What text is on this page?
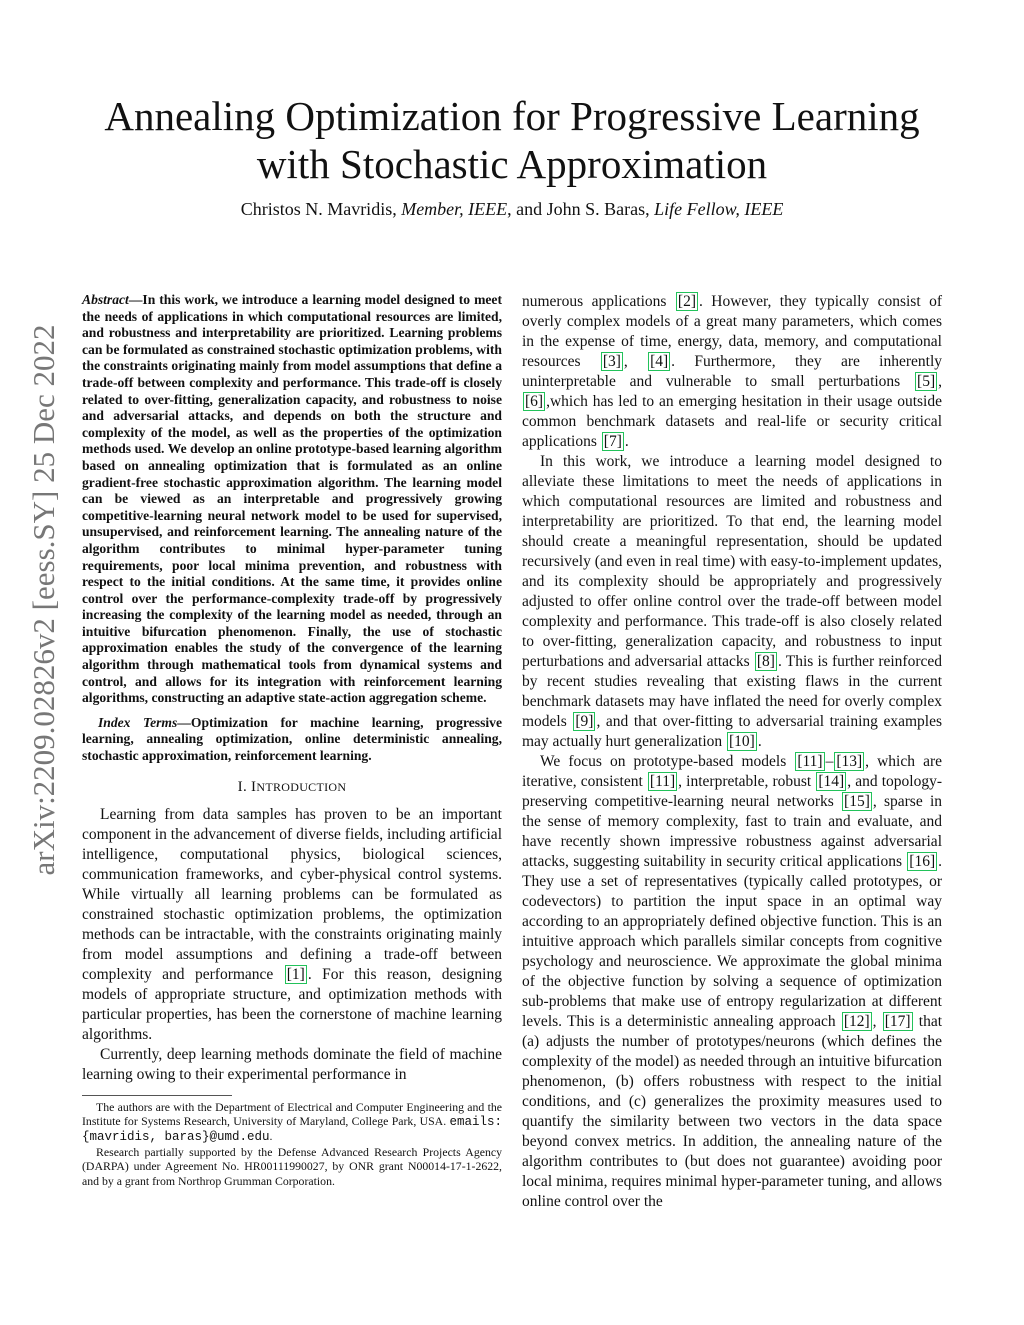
Annealing Optimization for Progressive Learning
with Stochastic Approximation
Christos N. Mavridis, Member, IEEE, and John S. Baras, Life Fellow, IEEE
arXiv:2209.02826v2 [eess.SY] 25 Dec 2022

Abstract—In this work, we introduce a learning model designed to meet the needs of applications in which computational resources are limited, and robustness and interpretability are prioritized. Learning problems can be formulated as constrained stochastic optimization problems, with the constraints originating mainly from model assumptions that define a trade-off between complexity and performance. This trade-off is closely related to over-fitting, generalization capacity, and robustness to noise and adversarial attacks, and depends on both the structure and complexity of the model, as well as the properties of the optimization methods used. We develop an online prototype-based learning algorithm based on annealing optimization that is formulated as an online gradient-free stochastic approximation algorithm. The learning model can be viewed as an interpretable and progressively growing competitive-learning neural network model to be used for supervised, unsupervised, and reinforcement learning. The annealing nature of the algorithm contributes to minimal hyper-parameter tuning requirements, poor local minima prevention, and robustness with respect to the initial conditions. At the same time, it provides online control over the performance-complexity trade-off by progressively increasing the complexity of the learning model as needed, through an intuitive bifurcation phenomenon. Finally, the use of stochastic approximation enables the study of the convergence of the learning algorithm through mathematical tools from dynamical systems and control, and allows for its integration with reinforcement learning algorithms, constructing an adaptive state-action aggregation scheme.

Index Terms—Optimization for machine learning, progressive learning, annealing optimization, online deterministic annealing, stochastic approximation, reinforcement learning.

I. INTRODUCTION

Learning from data samples has proven to be an important component in the advancement of diverse fields, including artificial intelligence, computational physics, biological sciences, communication frameworks, and cyber-physical control systems. While virtually all learning problems can be formulated as constrained stochastic optimization problems, the optimization methods can be intractable, with the constraints originating mainly from model assumptions and defining a trade-off between complexity and performance [1] . For this reason, designing models of appropriate structure, and optimization methods with particular properties, has been the cornerstone of machine learning algorithms.

Currently, deep learning methods dominate the field of machine learning owing to their experimental performance in

The authors are with the Department of Electrical and Computer Engineering and the Institute for Systems Research, University of Maryland, College Park, USA. emails:{mavridis, baras}@umd.edu.

Research partially supported by the Defense Advanced Research Projects Agency (DARPA) under Agreement No. HR00111990027, by ONR grant N00014-17-1-2622, and by a grant from Northrop Grumman Corporation.

numerous applications [2] . However, they typically consist of overly complex models of a great many parameters, which comes in the expense of time, energy, data, memory, and computational resources [3] , [4] . Furthermore, they are inherently uninterpretable and vulnerable to small perturbations [5] , [6] ,which has led to an emerging hesitation in their usage outside common benchmark datasets and real-life or security critical applications [7] .

In this work, we introduce a learning model designed to alleviate these limitations to meet the needs of applications in which computational resources are limited and robustness and interpretability are prioritized. To that end, the learning model should create a meaningful representation, should be updated recursively (and even in real time) with easy-to-implement updates, and its complexity should be appropriately and progressively adjusted to offer online control over the trade-off between model complexity and performance. This trade-off is also closely related to over-fitting, generalization capacity, and robustness to input perturbations and adversarial attacks [8] . This is further reinforced by recent studies revealing that existing flaws in the current benchmark datasets may have inflated the need for overly complex models [9] , and that over-fitting to adversarial training examples may actually hurt generalization [10] .

We focus on prototype-based models [11] – [13] , which are iterative, consistent [11] , interpretable, robust [14] , and topology-preserving competitive-learning neural networks [15] , sparse in the sense of memory complexity, fast to train and evaluate, and have recently shown impressive robustness against adversarial attacks, suggesting suitability in security critical applications [16] . They use a set of representatives (typically called prototypes, or codevectors) to partition the input space in an optimal way according to an appropriately defined objective function. This is an intuitive approach which parallels similar concepts from cognitive psychology and neuroscience. We approximate the global minima of the objective function by solving a sequence of optimization sub-problems that make use of entropy regularization at different levels. This is a deterministic annealing approach [12] , [17] that (a) adjusts the number of prototypes/neurons (which defines the complexity of the model) as needed through an intuitive bifurcation phenomenon, (b) offers robustness with respect to the initial conditions, and (c) generalizes the proximity measures used to quantify the similarity between two vectors in the data space beyond convex metrics. In addition, the annealing nature of the algorithm contributes to (but does not guarantee) avoiding poor local minima, requires minimal hyper-parameter tuning, and allows online control over the
